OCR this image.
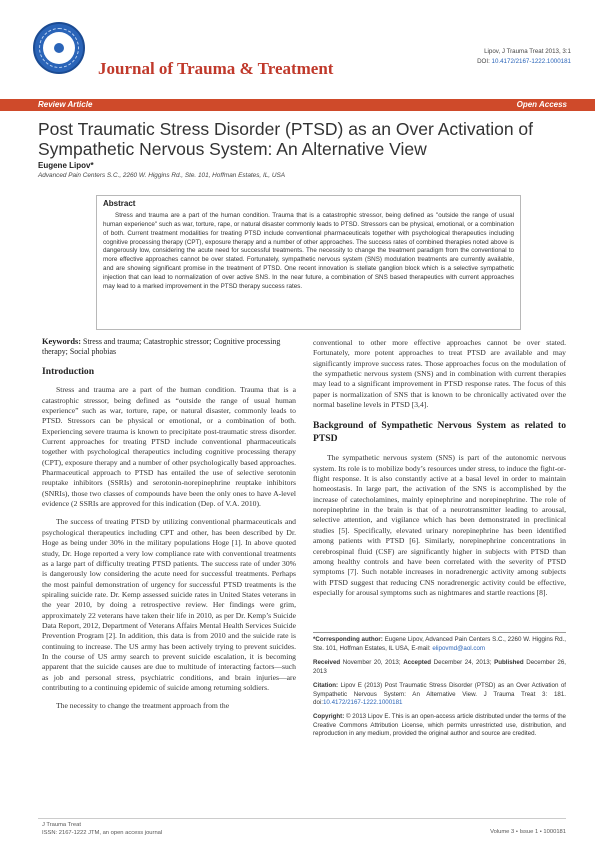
Journal of Trauma & Treatment
Lipov, J Trauma Treat 2013, 3:1
DOI: 10.4172/2167-1222.1000181
Review Article	Open Access
Post Traumatic Stress Disorder (PTSD) as an Over Activation of Sympathetic Nervous System: An Alternative View
Eugene Lipov*
Advanced Pain Centers S.C., 2260 W. Higgins Rd., Ste. 101, Hoffman Estates, IL, USA
Abstract
Stress and trauma are a part of the human condition. Trauma that is a catastrophic stressor, being defined as "outside the range of usual human experience" such as war, torture, rape, or natural disaster commonly leads to PTSD. Stressors can be physical, emotional, or a combination of both. Current treatment modalities for treating PTSD include conventional pharmaceuticals together with psychological therapeutics including cognitive processing therapy (CPT), exposure therapy and a number of other approaches. The success rates of combined therapies noted above is dangerously low, considering the acute need for successful treatments. The necessity to change the treatment paradigm from the conventional to more effective approaches cannot be over stated. Fortunately, sympathetic nervous system (SNS) modulation treatments are currently available, and are showing significant promise in the treatment of PTSD. One recent innovation is stellate ganglion block which is a selective sympathetic injection that can lead to normalization of over active SNS. In the near future, a combination of SNS based therapeutics with current approaches may lead to a marked improvement in the PTSD therapy success rates.
Keywords: Stress and trauma; Catastrophic stressor; Cognitive processing therapy; Social phobias
Introduction

Stress and trauma are a part of the human condition. Trauma that is a catastrophic stressor, being defined as “outside the range of usual human experience” such as war, torture, rape, or natural disaster, commonly leads to PTSD. Stressors can be physical or emotional, or a combination of both. Experiencing severe trauma is known to precipitate post-traumatic stress disorder. Current approaches for treating PTSD include conventional pharmaceuticals together with psychological therapeutics including cognitive processing therapy (CPT), exposure therapy and a number of other psychologically based approaches. Pharmaceutical approach to PTSD has entailed the use of selective serotonin reuptake inhibitors (SSRIs) and serotonin-norepinephrine reuptake inhibitors (SNRIs), those two classes of compounds have been the only ones to have A-level evidence (2 SSRIs are approved for this indication (Dep. of V.A. 2010).

The success of treating PTSD by utilizing conventional pharmaceuticals and psychological therapeutics including CPT and other, has been described by Dr. Hoge as being under 30% in the military populations Hoge [1]. In above quoted study, Dr. Hoge reported a very low compliance rate with conventional treatments as a large part of difficulty treating PTSD patients. The success rate of under 30% is dangerously low considering the acute need for successful treatments. Perhaps the most painful demonstration of urgency for successful PTSD treatments is the spiraling suicide rate. Dr. Kemp assessed suicide rates in United States veterans in the year 2010, by doing a retrospective review. Her findings were grim, approximately 22 veterans have taken their life in 2010, as per Dr. Kemp’s Suicide Data Report, 2012, Department of Veterans Affairs Mental Health Services Suicide Prevention Program [2]. In addition, this data is from 2010 and the suicide rate is continuing to increase. The US army has been actively trying to prevent suicides. In the course of US army search to prevent suicide escalation, it is becoming apparent that the suicide causes are due to multitude of interacting factors—such as job and personal stress, psychiatric conditions, and brain injuries—are contributing to a continuing epidemic of suicide among returning soldiers.

The necessity to change the treatment approach from the

conventional to other more effective approaches cannot be over stated. Fortunately, more potent approaches to treat PTSD are available and may significantly improve success rates. Those approaches focus on the modulation of the sympathetic nervous system (SNS) and in combination with current therapies may lead to a significant improvement in PTSD response rates. The focus of this paper is normalization of SNS that is known to be chronically activated over the normal baseline levels in PTSD [3,4].

Background of Sympathetic Nervous System as related to PTSD

The sympathetic nervous system (SNS) is part of the autonomic nervous system. Its role is to mobilize body’s resources under stress, to induce the fight-or-flight response. It is also constantly active at a basal level in order to maintain homeostasis. In large part, the activation of the SNS is accomplished by the increase of catecholamines, mainly epinephrine and norepinephrine. The role of norepinephrine in the brain is that of a neurotransmitter leading to arousal, selective attention, and vigilance which has been demonstrated in preclinical studies [5]. Specifically, elevated urinary norepinephrine has been identified among patients with PTSD [6]. Similarly, norepinephrine concentrations in cerebrospinal fluid (CSF) are significantly higher in subjects with PTSD than among healthy controls and have been correlated with the severity of PTSD symptoms [7]. Such notable increases in noradrenergic activity among subjects with PTSD suggest that reducing CNS noradrenergic activity could be effective, especially for arousal symptoms such as nightmares and startle reactions [8].

*Corresponding author: Eugene Lipov, Advanced Pain Centers S.C., 2260 W. Higgins Rd., Ste. 101, Hoffman Estates, IL USA, E-mail: elipovmd@aol.com
Received November 20, 2013; Accepted December 24, 2013; Published December 26, 2013
Citation: Lipov E (2013) Post Traumatic Stress Disorder (PTSD) as an Over Activation of Sympathetic Nervous System: An Alternative View. J Trauma Treat 3: 181. doi:10.4172/2167-1222.1000181
Copyright: © 2013 Lipov E. This is an open-access article distributed under the terms of the Creative Commons Attribution License, which permits unrestricted use, distribution, and reproduction in any medium, provided the original author and source are credited.
J Trauma Treat
ISSN: 2167-1222 JTM, an open access journal	Volume 3 • Issue 1 • 1000181
